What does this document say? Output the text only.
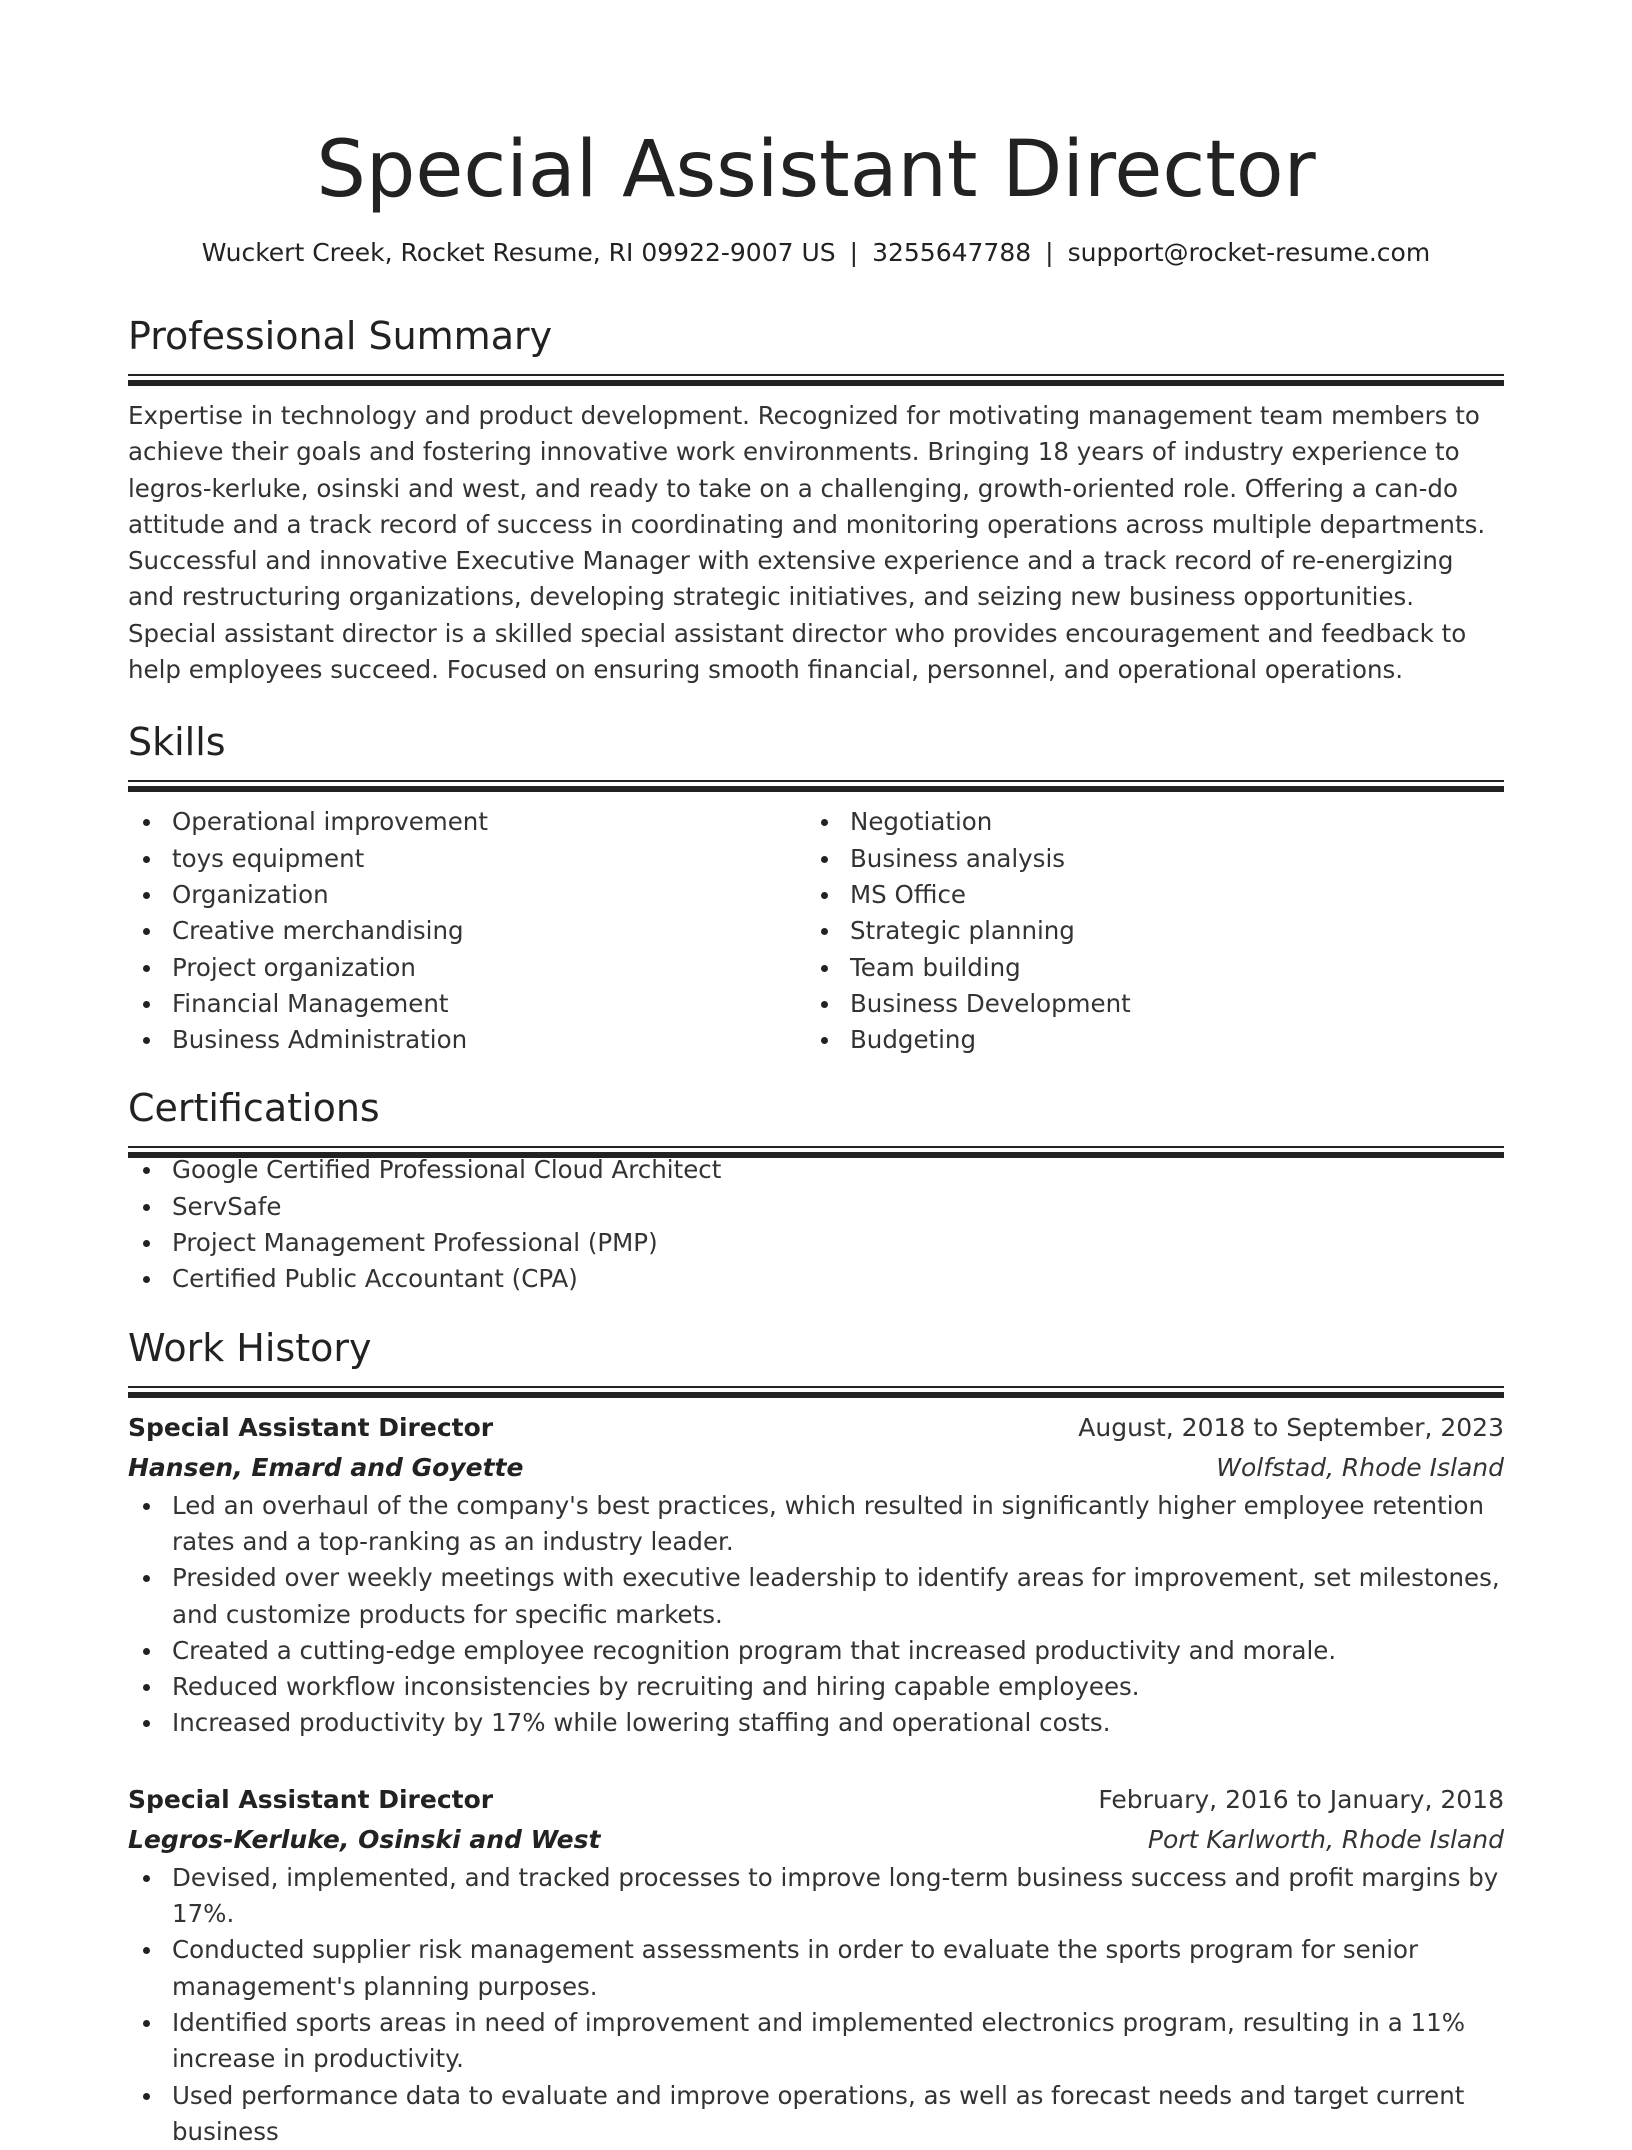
Special Assistant Director
Wuckert Creek, Rocket Resume, RI 09922-9007 US | 3255647788 | support@rocket-resume.com
Professional Summary
Expertise in technology and product development. Recognized for motivating management team members to achieve their goals and fostering innovative work environments. Bringing 18 years of industry experience to legros-kerluke, osinski and west, and ready to take on a challenging, growth-oriented role. Offering a can-do attitude and a track record of success in coordinating and monitoring operations across multiple departments. Successful and innovative Executive Manager with extensive experience and a track record of re-energizing and restructuring organizations, developing strategic initiatives, and seizing new business opportunities. Special assistant director is a skilled special assistant director who provides encouragement and feedback to help employees succeed. Focused on ensuring smooth financial, personnel, and operational operations.
Skills
Operational improvement
toys equipment
Organization
Creative merchandising
Project organization
Financial Management
Business Administration
Negotiation
Business analysis
MS Office
Strategic planning
Team building
Business Development
Budgeting
Certifications
Google Certified Professional Cloud Architect
ServSafe
Project Management Professional (PMP)
Certified Public Accountant (CPA)
Work History
Special Assistant Director	August, 2018 to September, 2023
Hansen, Emard and Goyette	Wolfstad, Rhode Island
Led an overhaul of the company's best practices, which resulted in significantly higher employee retention rates and a top-ranking as an industry leader.
Presided over weekly meetings with executive leadership to identify areas for improvement, set milestones, and customize products for specific markets.
Created a cutting-edge employee recognition program that increased productivity and morale.
Reduced workflow inconsistencies by recruiting and hiring capable employees.
Increased productivity by 17% while lowering staffing and operational costs.
Special Assistant Director	February, 2016 to January, 2018
Legros-Kerluke, Osinski and West	Port Karlworth, Rhode Island
Devised, implemented, and tracked processes to improve long-term business success and profit margins by 17%.
Conducted supplier risk management assessments in order to evaluate the sports program for senior management's planning purposes.
Identified sports areas in need of improvement and implemented electronics program, resulting in a 11% increase in productivity.
Used performance data to evaluate and improve operations, as well as forecast needs and target current business
